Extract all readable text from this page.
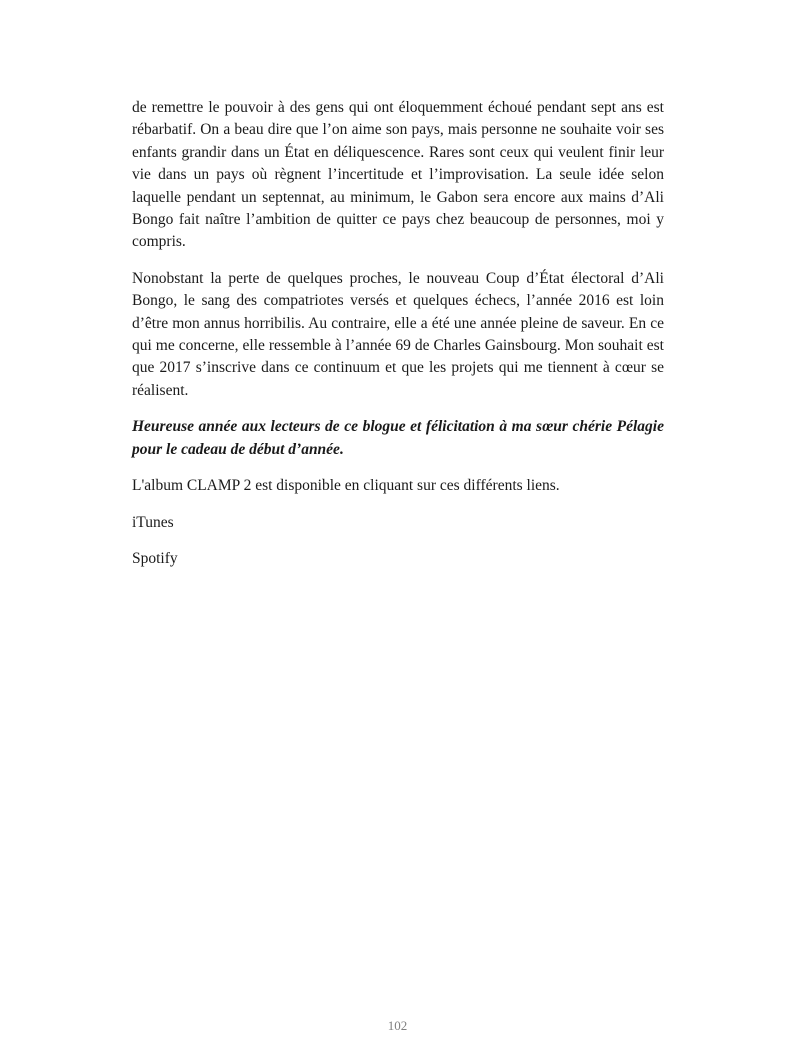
de remettre le pouvoir à des gens qui ont éloquemment échoué pendant sept ans est rébarbatif. On a beau dire que l’on aime son pays, mais personne ne souhaite voir ses enfants grandir dans un État en déliquescence. Rares sont ceux qui veulent finir leur vie dans un pays où règnent l’incertitude et l’improvisation. La seule idée selon laquelle pendant un septennat, au minimum, le Gabon sera encore aux mains d’Ali Bongo fait naître l’ambition de quitter ce pays chez beaucoup de personnes, moi y compris.

Nonobstant la perte de quelques proches, le nouveau Coup d’État électoral d’Ali Bongo, le sang des compatriotes versés et quelques échecs, l’année 2016 est loin d’être mon annus horribilis. Au contraire, elle a été une année pleine de saveur. En ce qui me concerne, elle ressemble à l’année 69 de Charles Gainsbourg. Mon souhait est que 2017 s’inscrive dans ce continuum et que les projets qui me tiennent à cœur se réalisent.

Heureuse année aux lecteurs de ce blogue et félicitation à ma sœur chérie Pélagie pour le cadeau de début d’année.

L'album CLAMP 2 est disponible en cliquant sur ces différents liens.

iTunes

Spotify

102
